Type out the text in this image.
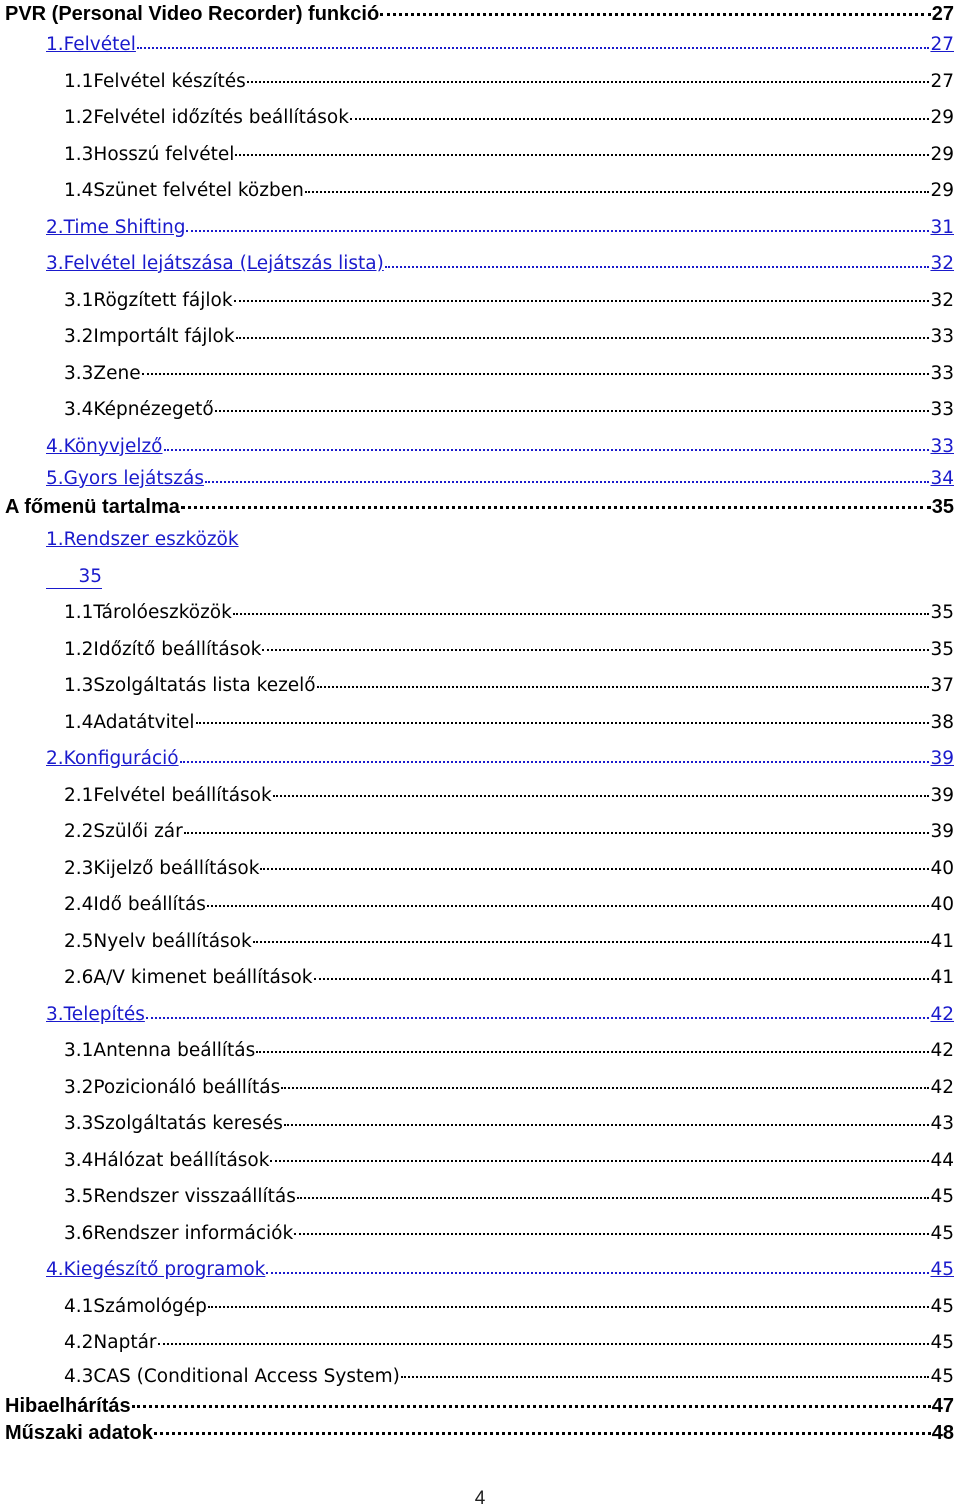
PVR (Personal Video Recorder) funkció	27
1.Felvétel	27
1.1Felvétel készítés	27
1.2Felvétel időzítés beállítások	29
1.3Hosszú felvétel	29
1.4Szünet felvétel közben	29
2.Time Shifting	31
3.Felvétel lejátszása (Lejátszás lista)	32
3.1Rögzített fájlok	32
3.2Importált fájlok	33
3.3Zene	33
3.4Képnézegető	33
4.Könyvjelző	33
5.Gyors lejátszás	34
A főmenü tartalma	35
1.Rendszer eszközök
35
1.1Tárolóeszközök	35
1.2Időzítő beállítások	35
1.3Szolgáltatás lista kezelő	37
1.4Adatátvitel	38
2.Konfiguráció	39
2.1Felvétel beállítások	39
2.2Szülői zár	39
2.3Kijelző beállítások	40
2.4Idő beállítás	40
2.5Nyelv beállítások	41
2.6A/V kimenet beállítások	41
3.Telepítés	42
3.1Antenna beállítás	42
3.2Pozicionáló beállítás	42
3.3Szolgáltatás keresés	43
3.4Hálózat beállítások	44
3.5Rendszer visszaállítás	45
3.6Rendszer információk	45
4.Kiegészítő programok	45
4.1Számológép	45
4.2Naptár	45
4.3CAS (Conditional Access System)	45
Hibaelhárítás	47
Műszaki adatok	48
4
